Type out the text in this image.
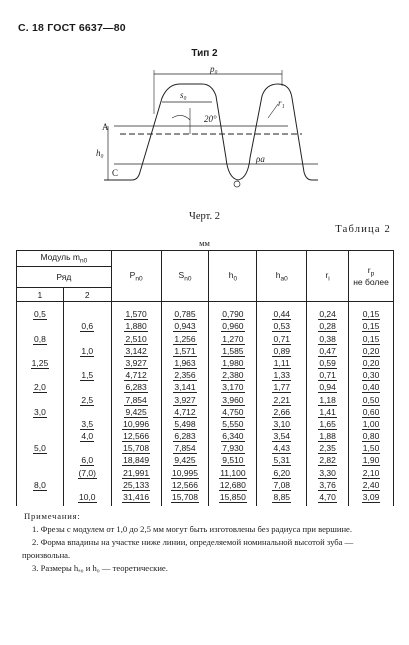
С. 18 ГОСТ 6637—80
Тип 2
p₀
s₀
20°
h₀
r₁
ρa
A
C
Черт. 2
Таблица 2
мм
Модуль $m_{n0}$		$P_{n0}$	$S_{n0}$	$h_0$	$h_{a0}$	$r_i$	$r_p$
не более
Ряд							
1	2						
0,5		1,570	0,785	0,790	0,44	0,24	0,15
	0,6	1,880	0,943	0,960	0,53	0,28	0,15
0,8		2,510	1,256	1,270	0,71	0,38	0,15
	1,0	3,142	1,571	1,585	0,89	0,47	0,20
1,25		3,927	1,963	1,980	1,11	0,59	0,20
	1,5	4,712	2,356	2,380	1,33	0,71	0,30
2,0		6,283	3,141	3,170	1,77	0,94	0,40
	2,5	7,854	3,927	3,960	2,21	1,18	0,50
3,0		9,425	4,712	4,750	2,66	1,41	0,60
	3,5	10,996	5,498	5,550	3,10	1,65	1,00
	4,0	12,566	6,283	6,340	3,54	1,88	0,80
5,0		15,708	7,854	7,930	4,43	2,35	1,50
	6,0	18,849	9,425	9,510	5,31	2,82	1,90
	(7,0)	21,991	10,995	11,100	6,20	3,30	2,10
8,0		25,133	12,566	12,680	7,08	3,76	2,40
	10,0	31,416	15,708	15,850	8,85	4,70	3,09
Примечания:

1. Фрезы с модулем от 1,0 до 2,5 мм могут быть изготовлены без радиуса при вершине.

2. Форма впадины на участке ниже линии, определяемой номинальной высотой зуба — произвольна.

3. Размеры hₐ₀ и h₀ — теоретические.
